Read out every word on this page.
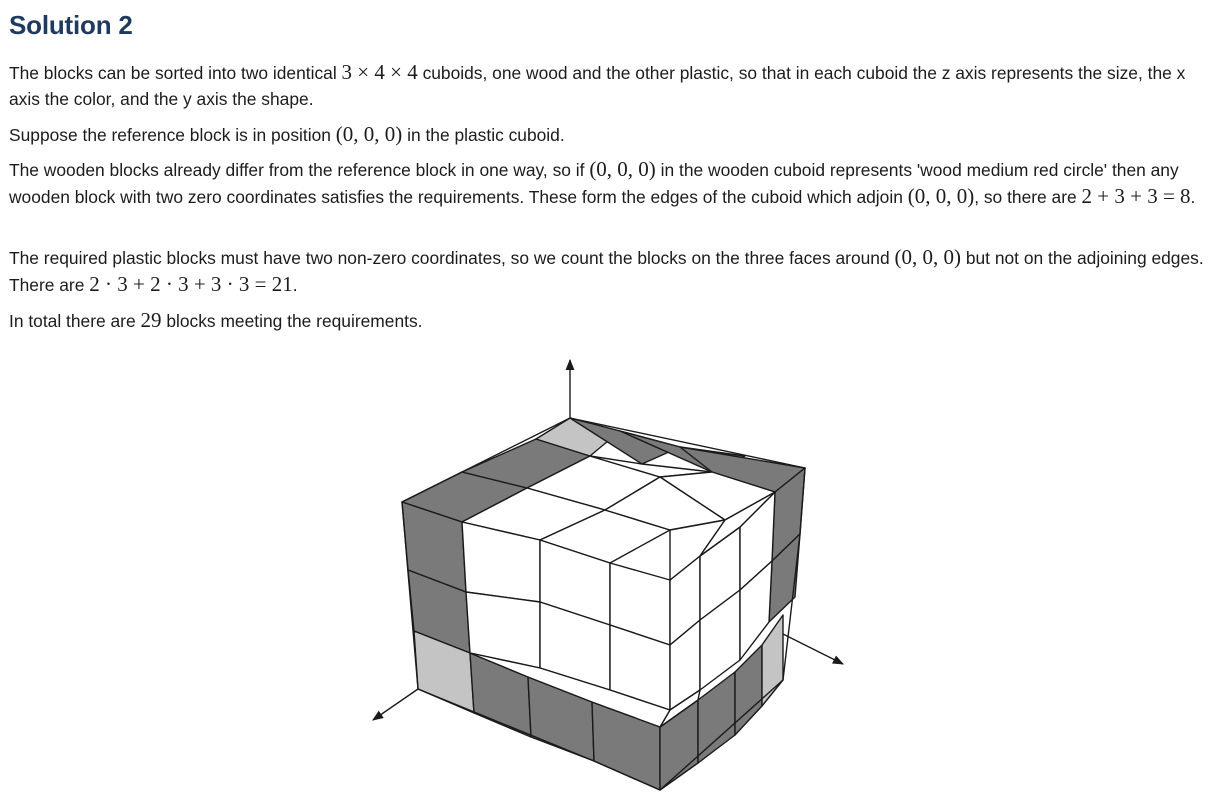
Solution 2

The blocks can be sorted into two identical 3 × 4 × 4 cuboids, one wood and the other plastic, so that in each cuboid the z axis represents the size, the x axis the color, and the y axis the shape.

Suppose the reference block is in position (0, 0, 0) in the plastic cuboid.

The wooden blocks already differ from the reference block in one way, so if (0, 0, 0) in the wooden cuboid represents 'wood medium red circle' then any wooden block with two zero coordinates satisfies the requirements. These form the edges of the cuboid which adjoin (0, 0, 0), so there are 2 + 3 + 3 = 8.

The required plastic blocks must have two non-zero coordinates, so we count the blocks on the three faces around (0, 0, 0) but not on the adjoining edges. There are 2 · 3 + 2 · 3 + 3 · 3 = 21.

In total there are 29 blocks meeting the requirements.
